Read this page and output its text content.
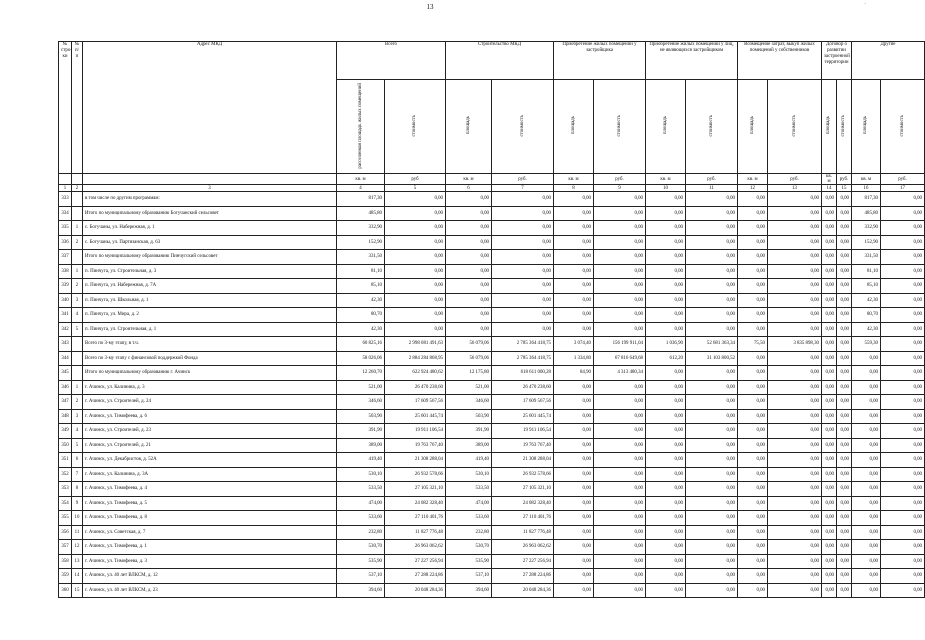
13	·
№ стро-ки	№ п/п	Адрес МКД	Всего		Строительство МКД		Приобретение жилых помещений у застройщика		Приобретение жилых помещений у лиц, не являющихся застройщиком		Возмещение затрат, выкуп жилых помещений у собственников		Договор о развитии застроенной территории		Другие	
			расселяемая площадь жилых помещений	стоимость	площадь	стоимость	площадь	стоимость	площадь	стоимость	площадь	стоимость	площадь	стоимость	площадь	стоимость
			кв. м	руб	кв. м	руб.	кв. м	руб.	кв. м	руб.	кв. м	руб.	кв. м	руб.	кв. м	руб.
1	2	3	4	5	6	7	8	9	10	11	12	13	14	15	16	17
333		в том числе по другим программам:	817,30	0,00	0,00	0,00	0,00	0,00	0,00	0,00	0,00	0,00	0,00	0,00	817,30	0,00
334		Итого по муниципальному образованию Богучанский сельсовет	485,80	0,00	0,00	0,00	0,00	0,00	0,00	0,00	0,00	0,00	0,00	0,00	485,80	0,00
335	1	с. Богучаны, ул. Набережная, д. 1	332,90	0,00	0,00	0,00	0,00	0,00	0,00	0,00	0,00	0,00	0,00	0,00	332,90	0,00
336	2	с. Богучаны, ул. Партизанская, д. 63	152,90	0,00	0,00	0,00	0,00	0,00	0,00	0,00	0,00	0,00	0,00	0,00	152,90	0,00
337		Итого по муниципальному образованию Пинчугский сельсовет	331,50	0,00	0,00	0,00	0,00	0,00	0,00	0,00	0,00	0,00	0,00	0,00	331,50	0,00
338	1	п. Пинчуга, ул. Строительная, д. 3	81,10	0,00	0,00	0,00	0,00	0,00	0,00	0,00	0,00	0,00	0,00	0,00	81,10	0,00
339	2	п. Пинчуга, ул. Набережная, д. 7А	85,10	0,00	0,00	0,00	0,00	0,00	0,00	0,00	0,00	0,00	0,00	0,00	85,10	0,00
340	3	п. Пинчуга, ул. Школьная, д. 1	42,30	0,00	0,00	0,00	0,00	0,00	0,00	0,00	0,00	0,00	0,00	0,00	42,30	0,00
341	4	п. Пинчуга, ул. Мира, д. 2	80,70	0,00	0,00	0,00	0,00	0,00	0,00	0,00	0,00	0,00	0,00	0,00	80,70	0,00
342	5	п. Пинчуга, ул. Строительная, д. 1	42,30	0,00	0,00	0,00	0,00	0,00	0,00	0,00	0,00	0,00	0,00	0,00	42,30	0,00
343		Всего по 3-му этапу, в т.ч.	60 825,16	2 998 081 491,63	56 079,06	2 785 364 418,75	3 074,40	156 199 911,04	1 036,90	52 681 363,34	75,50	3 835 898,30	0,00	0,00	559,30	0,00
344		Всего по 3-му этапу с финансовой поддержкой Фонда	58 026,06	2 884 284 868,95	56 079,06	2 785 364 418,75	1 334,80	67 816 649,68	612,20	31 103 800,52	0,00	0,00	0,00	0,00	0,00	0,00
345		Итого по муниципальному образованию г. Ачинск	12 260,70	622 924 480,62	12 175,80	618 611 000,28	84,90	4 313 480,34	0,00	0,00	0,00	0,00	0,00	0,00	0,00	0,00
346	1	г. Ачинск, ул. Калинина, д. 3	521,00	26 470 238,60	521,00	26 470 238,60	0,00	0,00	0,00	0,00	0,00	0,00	0,00	0,00	0,00	0,00
347	2	г. Ачинск, ул. Строителей, д. 24	346,60	17 609 567,56	346,60	17 609 567,56	0,00	0,00	0,00	0,00	0,00	0,00	0,00	0,00	0,00	0,00
348	3	г. Ачинск, ул. Тимофеева, д. 6	503,90	25 601 445,74	503,90	25 601 445,74	0,00	0,00	0,00	0,00	0,00	0,00	0,00	0,00	0,00	0,00
349	4	г. Ачинск, ул. Строителей, д. 23	391,90	19 911 106,54	391,90	19 911 106,54	0,00	0,00	0,00	0,00	0,00	0,00	0,00	0,00	0,00	0,00
350	5	г. Ачинск, ул. Строителей, д. 21	389,00	19 763 767,40	389,00	19 763 767,40	0,00	0,00	0,00	0,00	0,00	0,00	0,00	0,00	0,00	0,00
351	6	г. Ачинск, ул. Декабристов, д. 52А	419,40	21 308 288,04	419,40	21 308 288,04	0,00	0,00	0,00	0,00	0,00	0,00	0,00	0,00	0,00	0,00
352	7	г. Ачинск, ул. Калинина, д. 3А	530,10	26 932 578,66	530,10	26 932 578,66	0,00	0,00	0,00	0,00	0,00	0,00	0,00	0,00	0,00	0,00
353	8	г. Ачинск, ул. Тимофеева, д. 4	533,50	27 105 321,10	533,50	27 105 321,10	0,00	0,00	0,00	0,00	0,00	0,00	0,00	0,00	0,00	0,00
354	9	г. Ачинск, ул. Тимофеева, д. 5	474,00	24 082 328,40	474,00	24 082 328,40	0,00	0,00	0,00	0,00	0,00	0,00	0,00	0,00	0,00	0,00
355	10	г. Ачинск, ул. Тимофеева, д. 8	533,60	27 110 401,76	533,60	27 110 401,76	0,00	0,00	0,00	0,00	0,00	0,00	0,00	0,00	0,00	0,00
356	11	г. Ачинск, ул. Советская, д. 7	232,80	11 827 776,48	232,80	11 827 776,48	0,00	0,00	0,00	0,00	0,00	0,00	0,00	0,00	0,00	0,00
357	12	г. Ачинск, ул. Тимофеева, д. 1	530,70	26 963 062,62	530,70	26 963 062,62	0,00	0,00	0,00	0,00	0,00	0,00	0,00	0,00	0,00	0,00
358	13	г. Ачинск, ул. Тимофеева, д. 3	535,90	27 227 256,94	535,90	27 227 256,94	0,00	0,00	0,00	0,00	0,00	0,00	0,00	0,00	0,00	0,00
359	14	г. Ачинск, ул. 40 лет ВЛКСМ, д. 12	537,10	27 288 224,86	537,10	27 288 224,86	0,00	0,00	0,00	0,00	0,00	0,00	0,00	0,00	0,00	0,00
360	15	г. Ачинск, ул. 40 лет ВЛКСМ, д. 23	394,60	20 048 284,36	394,60	20 048 284,36	0,00	0,00	0,00	0,00	0,00	0,00	0,00	0,00	0,00	0,00
